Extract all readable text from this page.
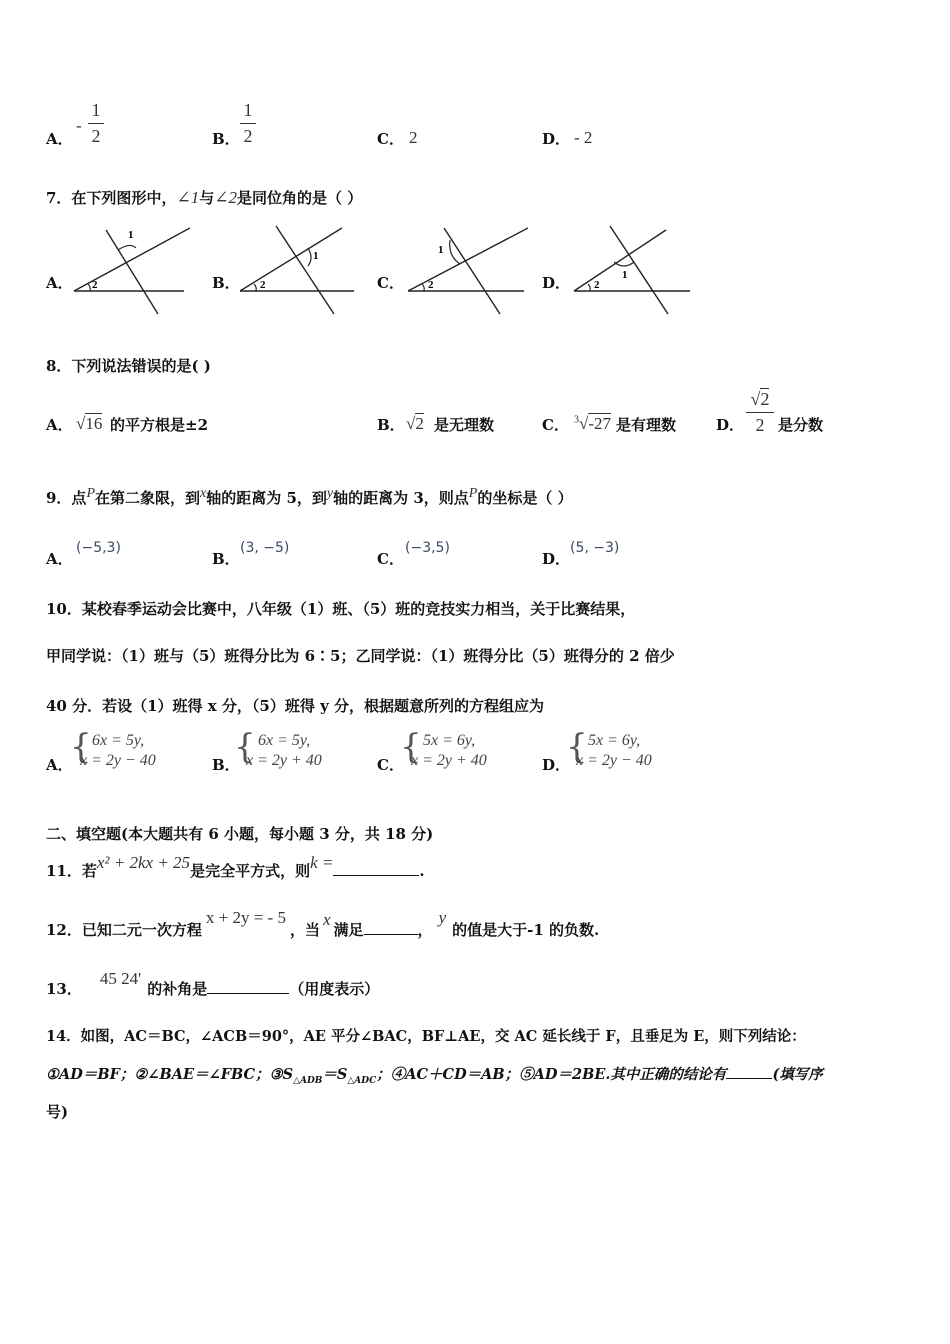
A．
-
1
2	B．
1
2	C． 2	D． - 2
7．在下列图形中，∠1与∠2是同位角的是（ ）
A．
1
2	B．
1
2	C．
1
2	D．	1
2
8．下列说法错误的是( )
A． √16 的平方根是±2	B． √2 是无理数	C． $^3$√-27 是有理数	D．
√2
2 是分数
9．点$^P$在第二象限，到$^x$轴的距离为 5，到$^y$轴的距离为 3，则点$^P$的坐标是（ ）
A．
(−5,3)
B．
(3, −5)
C．
(−3,5)
D．
(5, −3)
10．某校春季运动会比赛中，八年级（1）班、（5）班的竞技实力相当，关于比赛结果，
甲同学说：（1）班与（5）班得分比为 6∶5；乙同学说：（1）班得分比（5）班得分的 2 倍少
40 分．若设（1）班得 x 分，（5）班得 y 分，根据题意所列的方程组应为
A．
{ 6x = 5y,
x = 2y − 40	B．
{ 6x = 5y,
x = 2y + 40	C．
{ 5x = 6y,
x = 2y + 40	D．
{ 5x = 6y,
x = 2y − 40
二、填空题(本大题共有 6 小题，每小题 3 分，共 18 分)
11．若x² + 2kx + 25是完全平方式，则k =	.
12．已知二元一次方程x + 2y = - 5，当x满足	，y的值是大于-1 的负数.
13．45 24'的补角是	（用度表示）
14．如图，AC＝BC，∠ACB＝90°，AE 平分∠BAC，BF⊥AE，交 AC 延长线于 F，且垂足为 E，则下列结论：
①AD＝BF；②∠BAE＝∠FBC；$③S_{\triangle ADB}=S_{\triangle ADC}$；④AC＋CD＝AB；⑤AD＝2BE.其中正确的结论有	(填写序
号)
